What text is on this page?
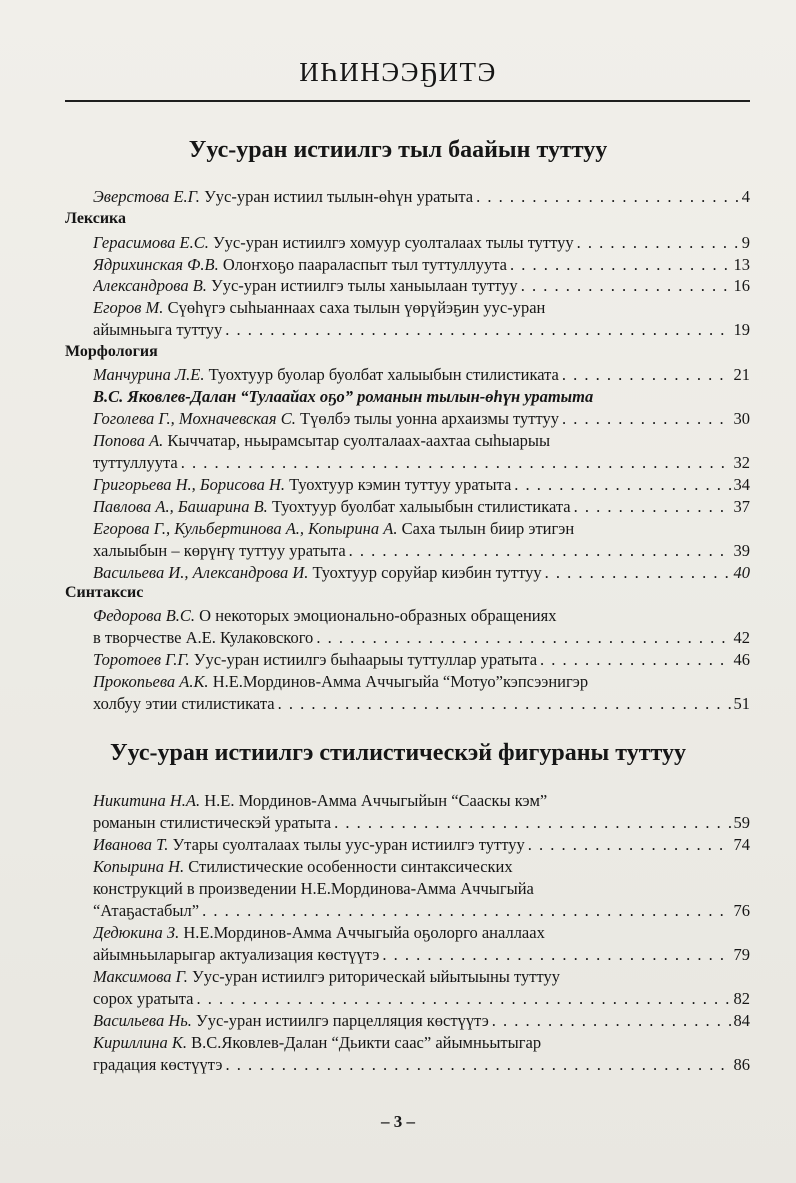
ИҺИНЭЭҔИТЭ
Уус-уран истиилгэ тыл баайын туттуу
Эверстова Е.Г. Уус-уран истиил тылын-өһүн уратыта . . .	4
Лексика
Герасимова Е.С. Уус-уран истиилгэ хомуур суолталаах тылы туттуу . . .	9
Ядрихинская Ф.В. Олоҥхоҕо паараласпыт тыл туттуллуута . . .	13
Александрова В. Уус-уран истиилгэ тылы ханыылаан туттуу . . .	16
Егоров М. Сүөһүгэ сыһыаннаах саха тылын үөрүйэҕин уус-уран
айымньыга туттуу . . .	19
Морфология
Манчурина Л.Е. Туохтуур буолар буолбат халыыбын стилистиката . . .	21
В.С. Яковлев-Далан “Тулаайах оҕо” романын тылын-өһүн уратыта
Гоголева Г., Мохначевская С. Түөлбэ тылы уонна архаизмы туттуу . . .	30
Попова А. Кыччатар, ньырамсытар суолталаах-аахтаа сыһыарыы
туттуллуута . . .	32
Григорьева Н., Борисова Н. Туохтуур кэмин туттуу уратыта . . .	34
Павлова А., Башарина В. Туохтуур буолбат халыыбын стилистиката . . .	37
Егорова Г., Кульбертинова А., Копырина А. Саха тылын биир этигэн
халыыбын – көрүҥү туттуу уратыта . . .	39
Васильева И., Александрова И. Туохтуур соруйар киэбин туттуу . . .	40
Синтаксис
Федорова В.С. О некоторых эмоционально-образных обращениях
в творчестве А.Е. Кулаковского . . .	42
Торотоев Г.Г. Уус-уран истиилгэ быһаарыы туттуллар уратыта . . .	46
Прокопьева А.К. Н.Е.Мординов-Амма Аччыгыйа “Мотуо”кэпсээнигэр
холбуу этии стилистиката . . .	51
Уус-уран истиилгэ стилистическэй фигураны туттуу
Никитина Н.А. Н.Е. Мординов-Амма Аччыгыйын “Сааскы кэм”
романын стилистическэй уратыта . . .	59
Иванова Т. Утары суолталаах тылы уус-уран истиилгэ туттуу . . .	74
Копырина Н. Стилистические особенности синтаксических
конструкций в произведении Н.Е.Мординова-Амма Аччыгыйа
“Атаҕастабыл” . . .	76
Дедюкина З. Н.Е.Мординов-Амма Аччыгыйа оҕолорго аналлаах
айымньыларыгар актуализация көстүүтэ . . .	79
Максимова Г. Уус-уран истиилгэ риторическай ыйытыыны туттуу
сорох уратыта . . .	82
Васильева Нь. Уус-уран истиилгэ парцелляция көстүүтэ . . .	84
Кириллина К. В.С.Яковлев-Далан “Дьикти саас” айымньытыгар
градация көстүүтэ . . .	86
– 3 –
